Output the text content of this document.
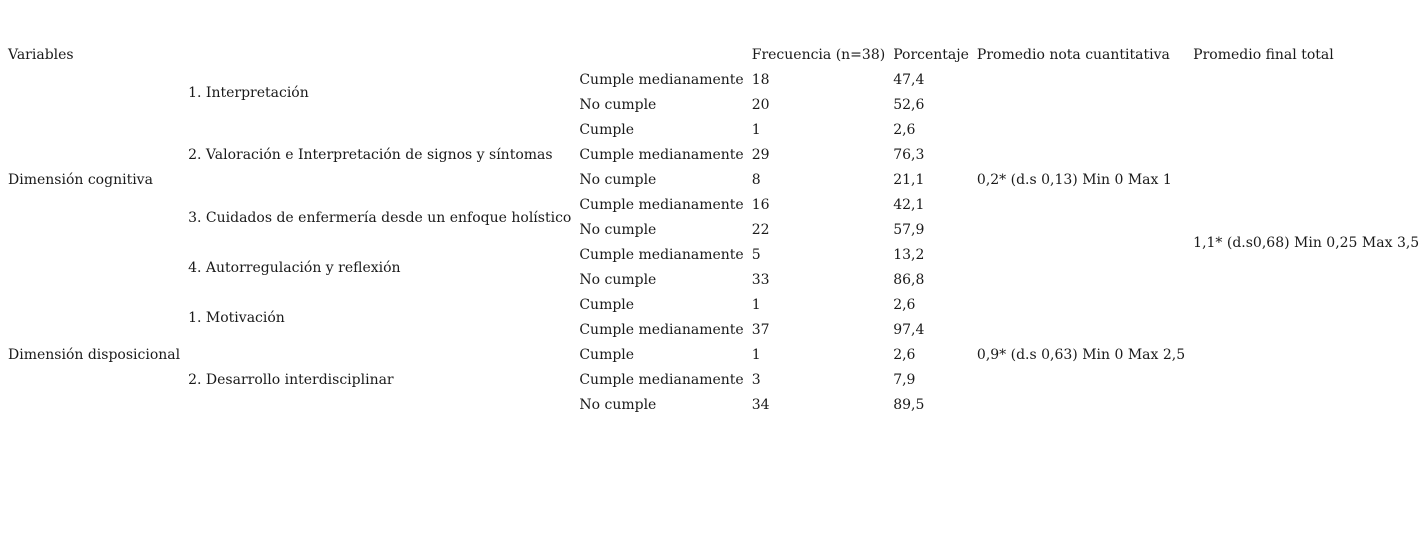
Variables			Frecuencia (n=38)	Porcentaje	Promedio nota cuantitativa	Promedio final total
Dimensión cognitiva	1. Interpretación	Cumple medianamente	18	47,4	0,2* (d.s 0,13) Min 0 Max 1	1,1* (d.s0,68) Min 0,25 Max 3,5
		No cumple	20	52,6		
	2. Valoración e Interpretación de signos y síntomas	Cumple	1	2,6		
		Cumple medianamente	29	76,3		
		No cumple	8	21,1		
	3. Cuidados de enfermería desde un enfoque holístico	Cumple medianamente	16	42,1		
		No cumple	22	57,9		
	4. Autorregulación y reflexión	Cumple medianamente	5	13,2		
		No cumple	33	86,8		
Dimensión disposicional	1. Motivación	Cumple	1	2,6	0,9* (d.s 0,63) Min 0 Max 2,5	
		Cumple medianamente	37	97,4		
	2. Desarrollo interdisciplinar	Cumple	1	2,6		
		Cumple medianamente	3	7,9		
		No cumple	34	89,5		
